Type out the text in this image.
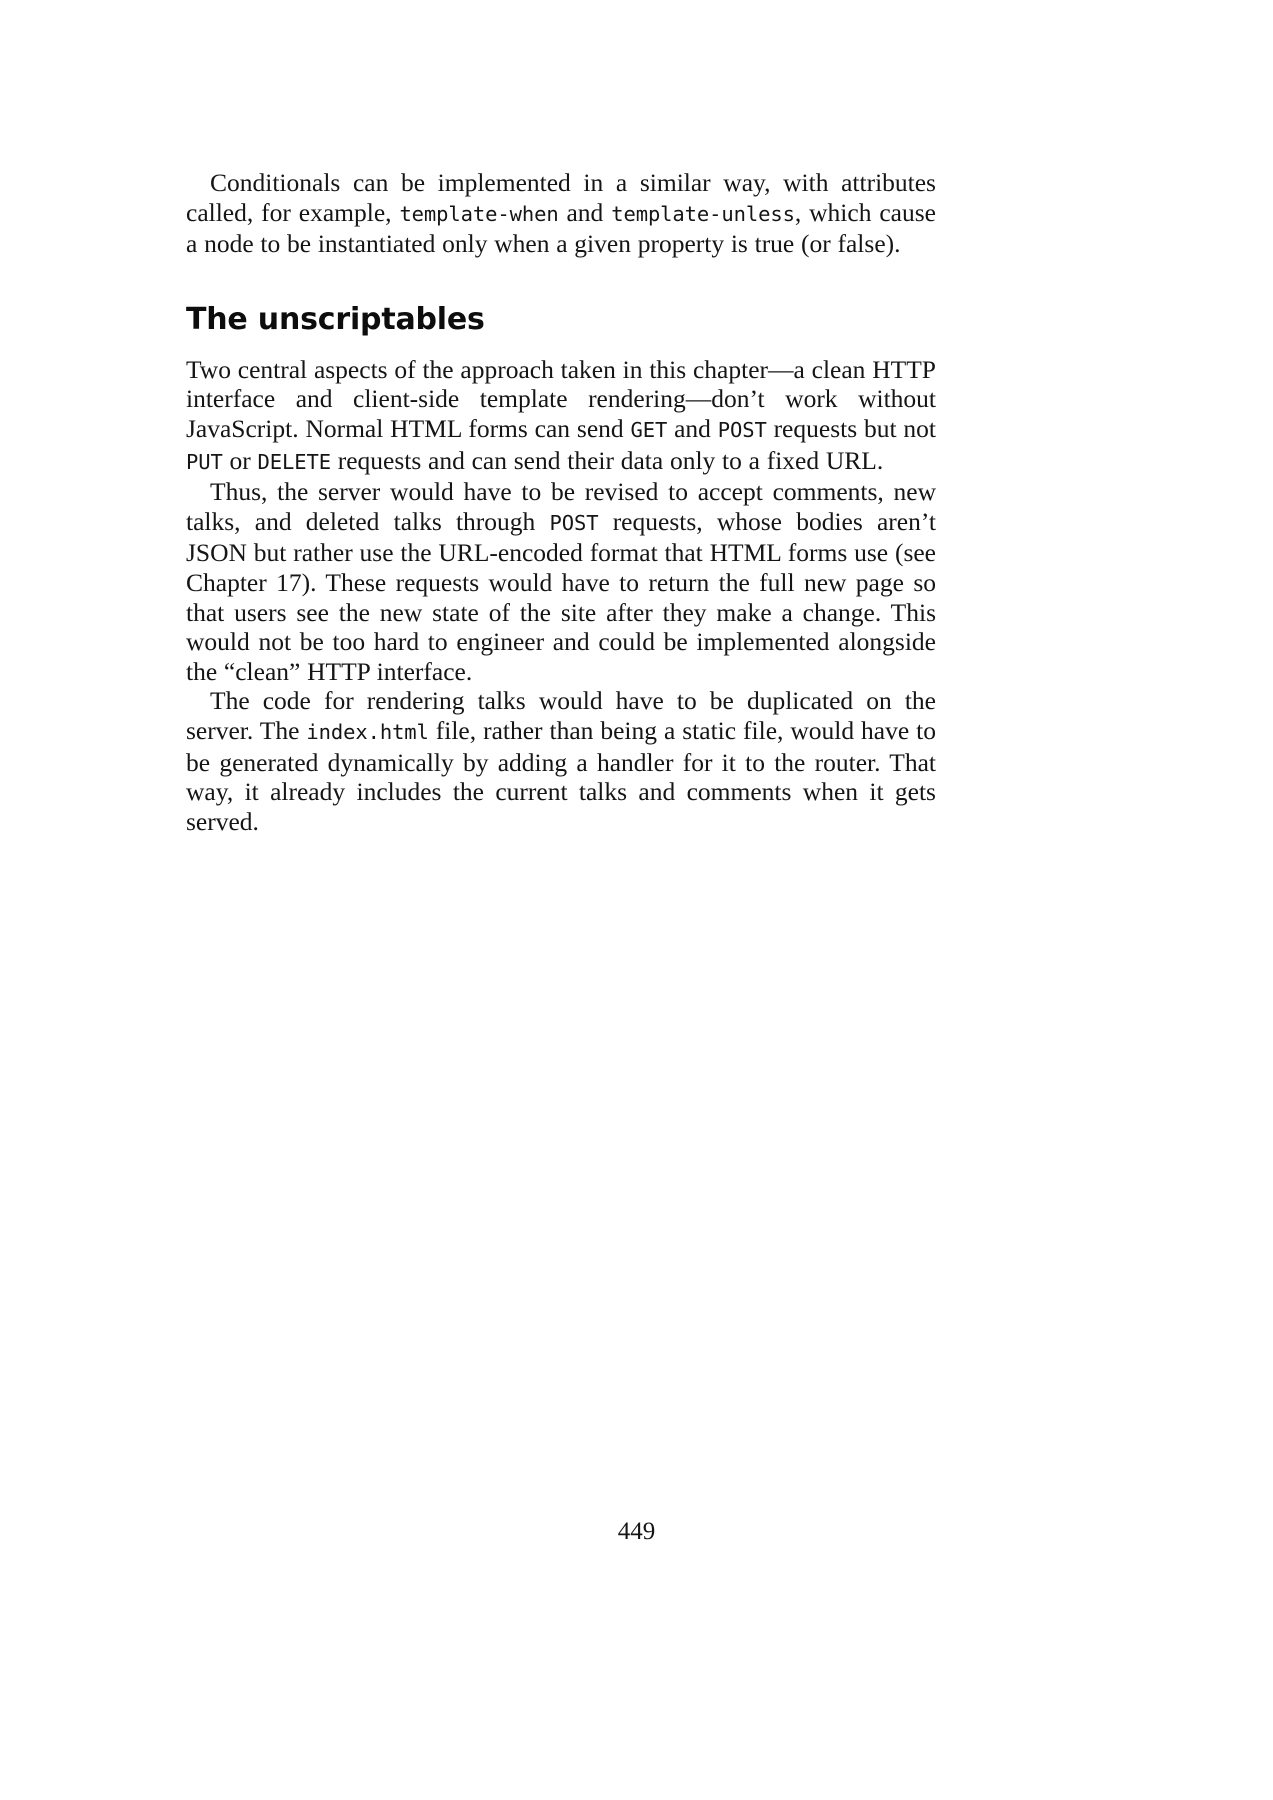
Conditionals can be implemented in a similar way, with attributes called, for example, template-when and template-unless, which cause a node to be instantiated only when a given property is true (or false).

The unscriptables

Two central aspects of the approach taken in this chapter—a clean HTTP interface and client-side template rendering—don’t work without JavaScript. Normal HTML forms can send GET and POST requests but not PUT or DELETE requests and can send their data only to a fixed URL.

Thus, the server would have to be revised to accept comments, new talks, and deleted talks through POST requests, whose bodies aren’t JSON but rather use the URL-encoded format that HTML forms use (see Chapter 17). These requests would have to return the full new page so that users see the new state of the site after they make a change. This would not be too hard to engineer and could be implemented alongside the “clean” HTTP interface.

The code for rendering talks would have to be duplicated on the server. The index.html file, rather than being a static file, would have to be generated dynamically by adding a handler for it to the router. That way, it already includes the current talks and comments when it gets served.

449
